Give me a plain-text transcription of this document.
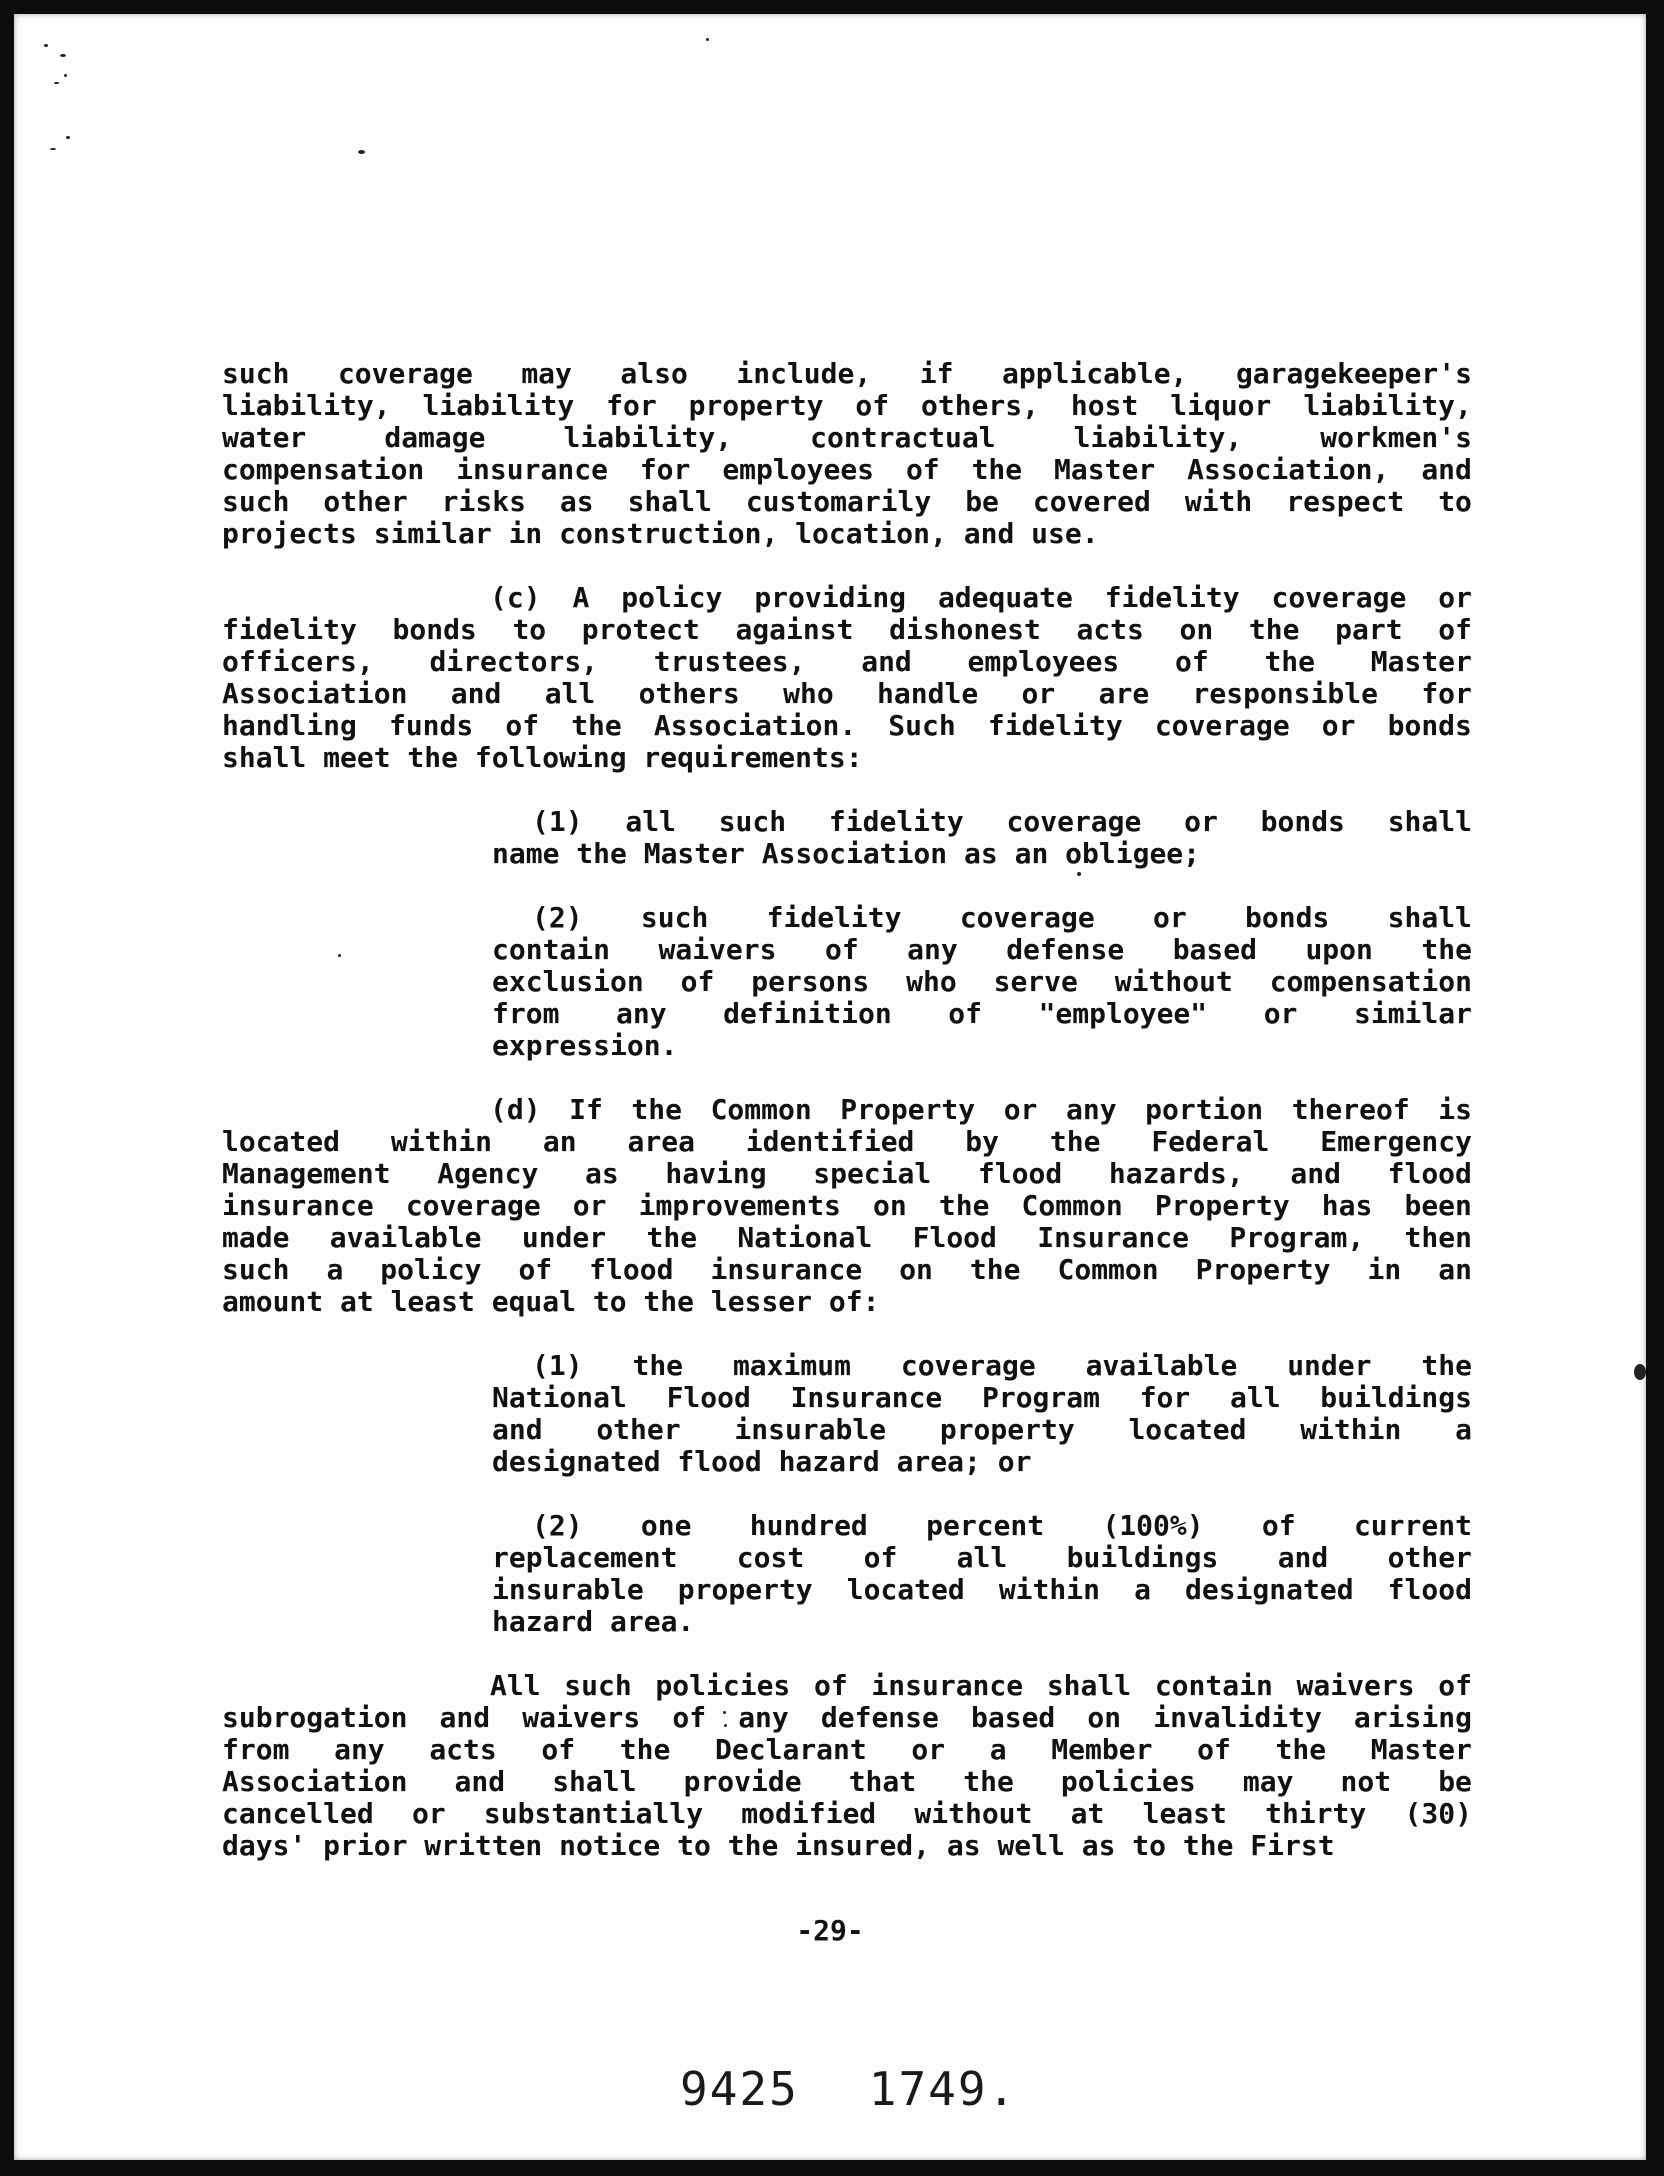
such coverage may also include, if applicable, garagekeeper's
liability, liability for property of others, host liquor liability,
water	damage	liability,	contractual	liability,	workmen's
compensation insurance for employees of the Master Association, and
such other risks as shall customarily be covered with respect to
projects similar in construction, location, and use.
(c) A policy providing adequate fidelity coverage or
fidelity bonds to protect against dishonest acts on the part of
officers, directors, trustees, and employees of the Master
Association and all others who handle or are responsible for
handling funds of the Association. Such fidelity coverage or bonds
shall meet the following requirements:
(1) all such fidelity coverage or bonds shall
name the Master Association as an obligee;
(2) such fidelity coverage or bonds shall
contain waivers of any defense based upon the
exclusion of persons who serve without compensation
from any definition of "employee" or similar
expression.
(d) If the Common Property or any portion thereof is
located within an area identified by the Federal Emergency
Management Agency as having special flood hazards, and flood
insurance coverage or improvements on the Common Property has been
made available under the National Flood Insurance Program, then
such a policy of flood insurance on the Common Property in an
amount at least equal to the lesser of:
(1) the maximum coverage available under the
National Flood Insurance Program for all buildings
and other insurable property located within a
designated flood hazard area; or
(2) one hundred percent (100%) of current
replacement cost of all buildings and other
insurable property located within a designated flood
hazard area.
All such policies of insurance shall contain waivers of
subrogation and waivers of any defense based on invalidity arising
from any acts of the Declarant or a Member of the Master
Association and shall provide that the policies may not be
cancelled or substantially modified without at least thirty (30)
days' prior written notice to the insured, as well as to the First
-29-
9425 1749.
